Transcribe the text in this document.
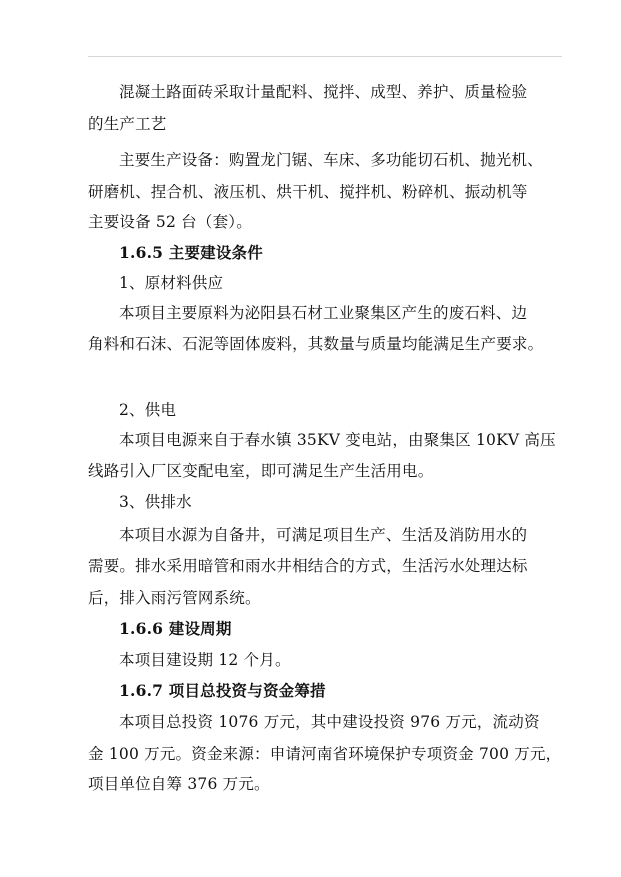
混凝土路面砖采取计量配料、搅拌、成型、养护、质量检验
的生产工艺
主要生产设备：购置龙门锯、车床、多功能切石机、抛光机、
研磨机、捏合机、液压机、烘干机、搅拌机、粉碎机、振动机等
主要设备 52 台（套）。
1.6.5 主要建设条件
1、原材料供应
本项目主要原料为泌阳县石材工业聚集区产生的废石料、边
角料和石沫、石泥等固体废料，其数量与质量均能满足生产要求。
2、供电
本项目电源来自于春水镇 35KV 变电站，由聚集区 10KV 高压
线路引入厂区变配电室，即可满足生产生活用电。
3、供排水
本项目水源为自备井，可满足项目生产、生活及消防用水的
需要。排水采用暗管和雨水井相结合的方式，生活污水处理达标
后，排入雨污管网系统。
1.6.6 建设周期
本项目建设期 12 个月。
1.6.7 项目总投资与资金筹措
本项目总投资 1076 万元，其中建设投资 976 万元，流动资
金 100 万元。资金来源：申请河南省环境保护专项资金 700 万元，
项目单位自筹 376 万元。
